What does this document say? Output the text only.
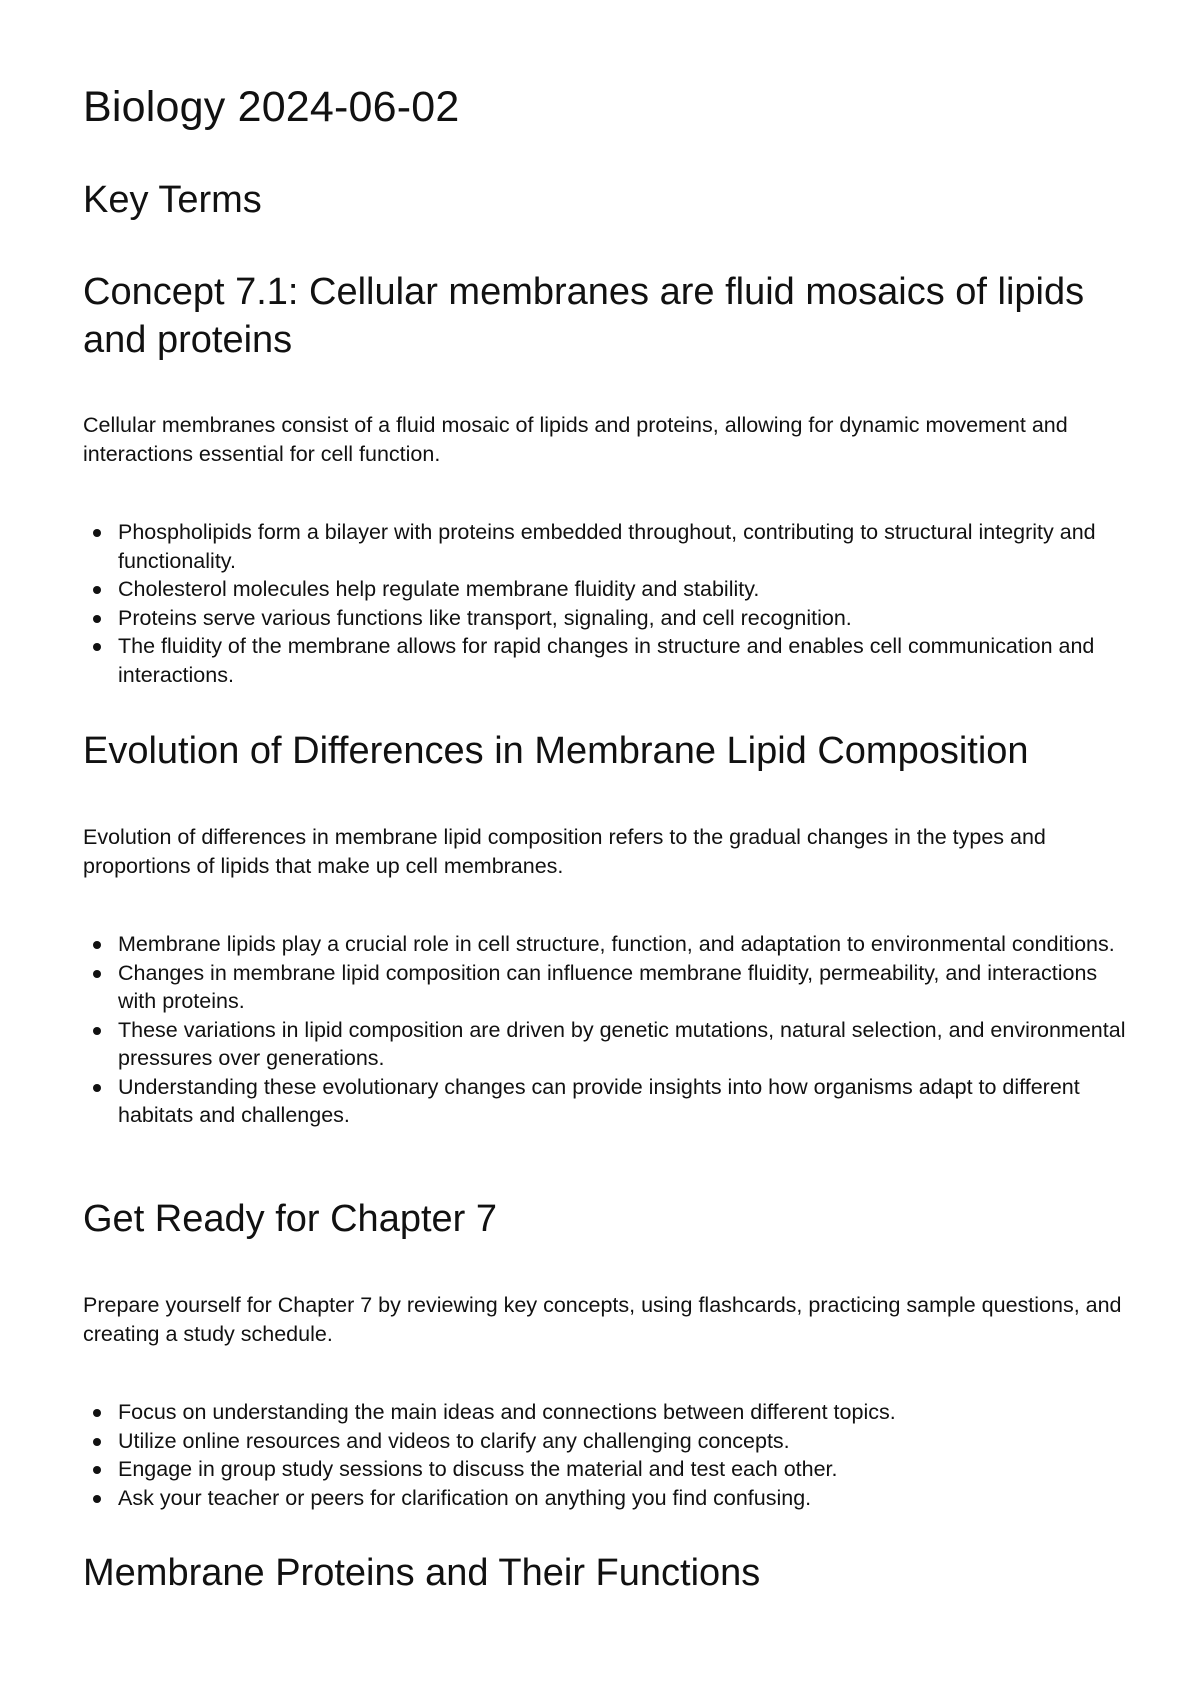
Biology 2024-06-02
Key Terms
Concept 7.1: Cellular membranes are fluid mosaics of lipids and proteins

Cellular membranes consist of a fluid mosaic of lipids and proteins, allowing for dynamic movement and interactions essential for cell function.

Phospholipids form a bilayer with proteins embedded throughout, contributing to structural integrity and functionality.
Cholesterol molecules help regulate membrane fluidity and stability.
Proteins serve various functions like transport, signaling, and cell recognition.
The fluidity of the membrane allows for rapid changes in structure and enables cell communication and interactions.
Evolution of Differences in Membrane Lipid Composition

Evolution of differences in membrane lipid composition refers to the gradual changes in the types and proportions of lipids that make up cell membranes.

Membrane lipids play a crucial role in cell structure, function, and adaptation to environmental conditions.
Changes in membrane lipid composition can influence membrane fluidity, permeability, and interactions with proteins.
These variations in lipid composition are driven by genetic mutations, natural selection, and environmental pressures over generations.
Understanding these evolutionary changes can provide insights into how organisms adapt to different habitats and challenges.
Get Ready for Chapter 7

Prepare yourself for Chapter 7 by reviewing key concepts, using flashcards, practicing sample questions, and creating a study schedule.

Focus on understanding the main ideas and connections between different topics.
Utilize online resources and videos to clarify any challenging concepts.
Engage in group study sessions to discuss the material and test each other.
Ask your teacher or peers for clarification on anything you find confusing.
Membrane Proteins and Their Functions
